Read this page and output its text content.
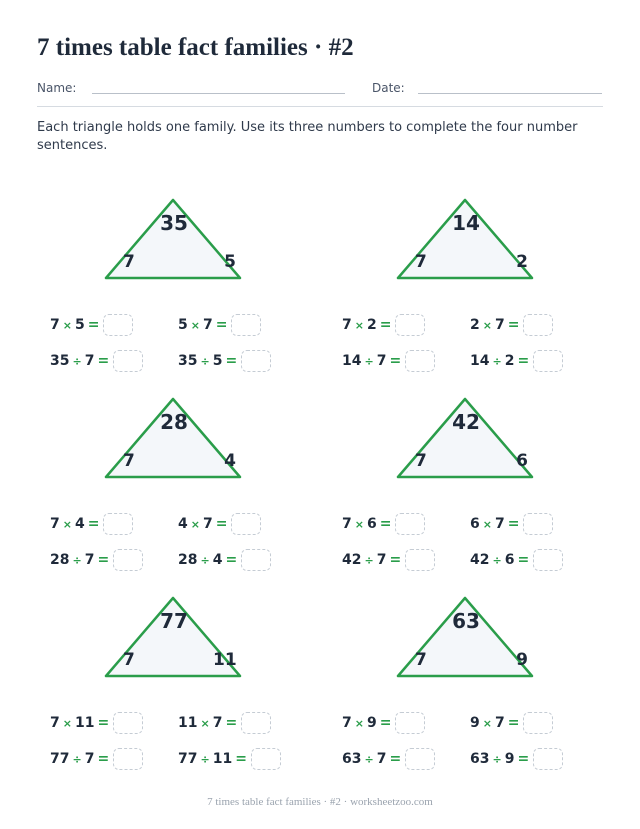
7 times table fact families · #2
Name:	Date:
Each triangle holds one family. Use its three numbers to complete the four number sentences.
35
7	5
7 × 5 =	5 × 7 =
35 ÷ 7 =	35 ÷ 5 =
14
7	2
7 × 2 =	2 × 7 =
14 ÷ 7 =	14 ÷ 2 =
28
7	4
7 × 4 =	4 × 7 =
28 ÷ 7 =	28 ÷ 4 =
42
7	6
7 × 6 =	6 × 7 =
42 ÷ 7 =	42 ÷ 6 =
77
7	11
7 × 11 =	11 × 7 =
77 ÷ 7 =	77 ÷ 11 =
63
7	9
7 × 9 =	9 × 7 =
63 ÷ 7 =	63 ÷ 9 =
7 times table fact families · #2 · worksheetzoo.com
